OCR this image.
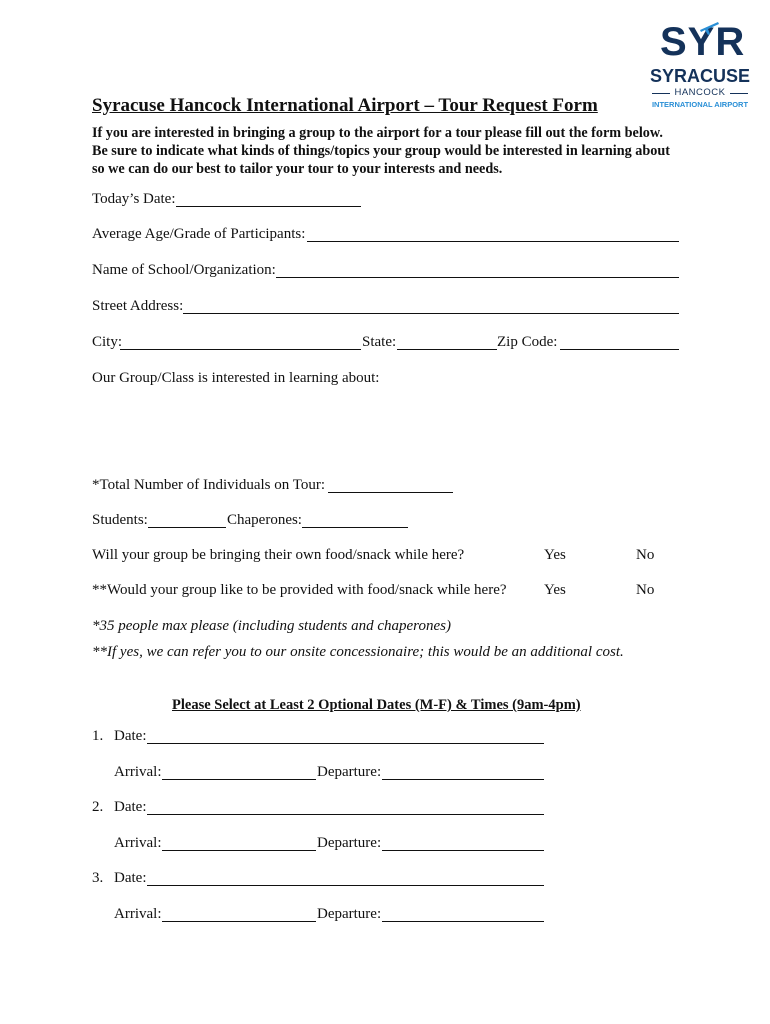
SYR
SYRACUSE
HANCOCK
INTERNATIONAL AIRPORT
Syracuse Hancock International Airport – Tour Request Form
If you are interested in bringing a group to the airport for a tour please fill out the form below. Be sure to indicate what kinds of things/topics your group would be interested in learning about so we can do our best to tailor your tour to your interests and needs.
Today’s Date:
Average Age/Grade of Participants:
Name of School/Organization:
Street Address:
City:	State:	Zip Code:
Our Group/Class is interested in learning about:
*Total Number of Individuals on Tour:
Students:	Chaperones:
Will your group be bringing their own food/snack while here?	Yes	No
**Would your group like to be provided with food/snack while here? Yes	No
*35 people max please (including students and chaperones)
**If yes, we can refer you to our onsite concessionaire; this would be an additional cost.
Please Select at Least 2 Optional Dates (M-F) & Times (9am-4pm)
1. Date:
Arrival:	Departure:
2. Date:
Arrival:	Departure:
3. Date:
Arrival:	Departure:
